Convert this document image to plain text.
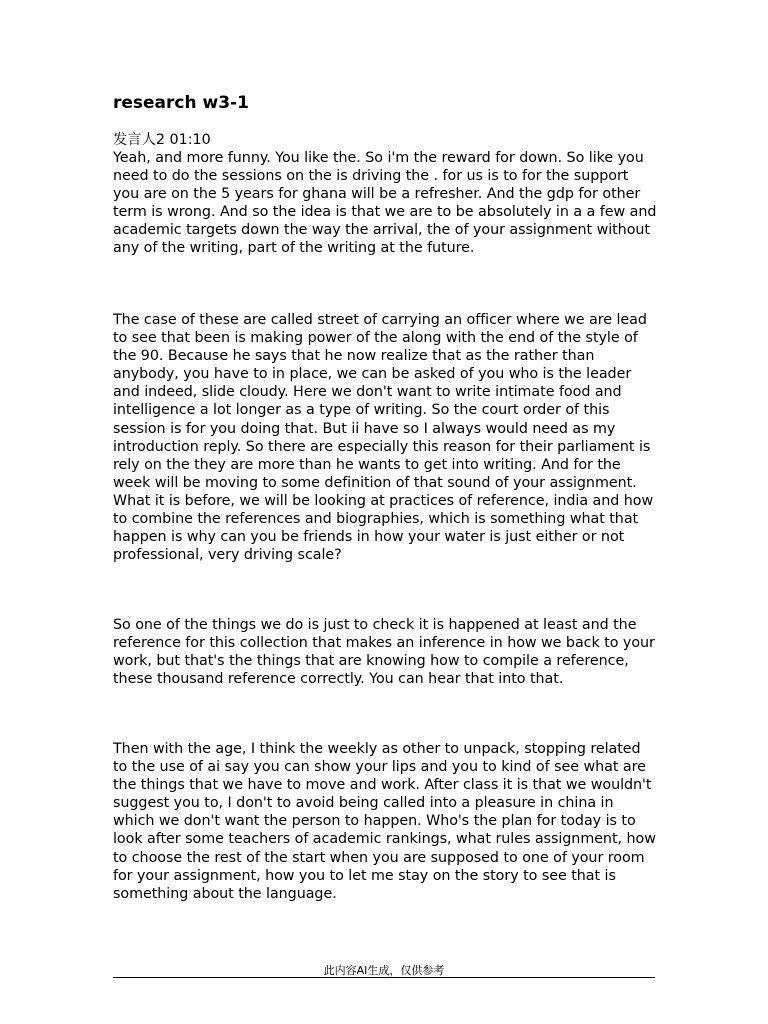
research w3-1
发言人2 01:10

Yeah, and more funny. You like the. So i'm the reward for down. So like you need to do the sessions on the is driving the . for us is to for the support you are on the 5 years for ghana will be a refresher. And the gdp for other term is wrong. And so the idea is that we are to be absolutely in a a few and academic targets down the way the arrival, the of your assignment without any of the writing, part of the writing at the future.

The case of these are called street of carrying an officer where we are lead to see that been is making power of the along with the end of the style of the 90. Because he says that he now realize that as the rather than anybody, you have to in place, we can be asked of you who is the leader and indeed, slide cloudy. Here we don't want to write intimate food and intelligence a lot longer as a type of writing. So the court order of this session is for you doing that. But ii have so I always would need as my introduction reply. So there are especially this reason for their parliament is rely on the they are more than he wants to get into writing. And for the week will be moving to some definition of that sound of your assignment. What it is before, we will be looking at practices of reference, india and how to combine the references and biographies, which is something what that happen is why can you be friends in how your water is just either or not professional, very driving scale?

So one of the things we do is just to check it is happened at least and the reference for this collection that makes an inference in how we back to your work, but that's the things that are knowing how to compile a reference, these thousand reference correctly. You can hear that into that.

Then with the age, I think the weekly as other to unpack, stopping related to the use of ai say you can show your lips and you to kind of see what are the things that we have to move and work. After class it is that we wouldn't suggest you to, I don't to avoid being called into a pleasure in china in which we don't want the person to happen. Who's the plan for today is to look after some teachers of academic rankings, what rules assignment, how to choose the rest of the start when you are supposed to one of your room for your assignment, how you to let me stay on the story to see that is something about the language.

此内容AI生成，仅供参考
